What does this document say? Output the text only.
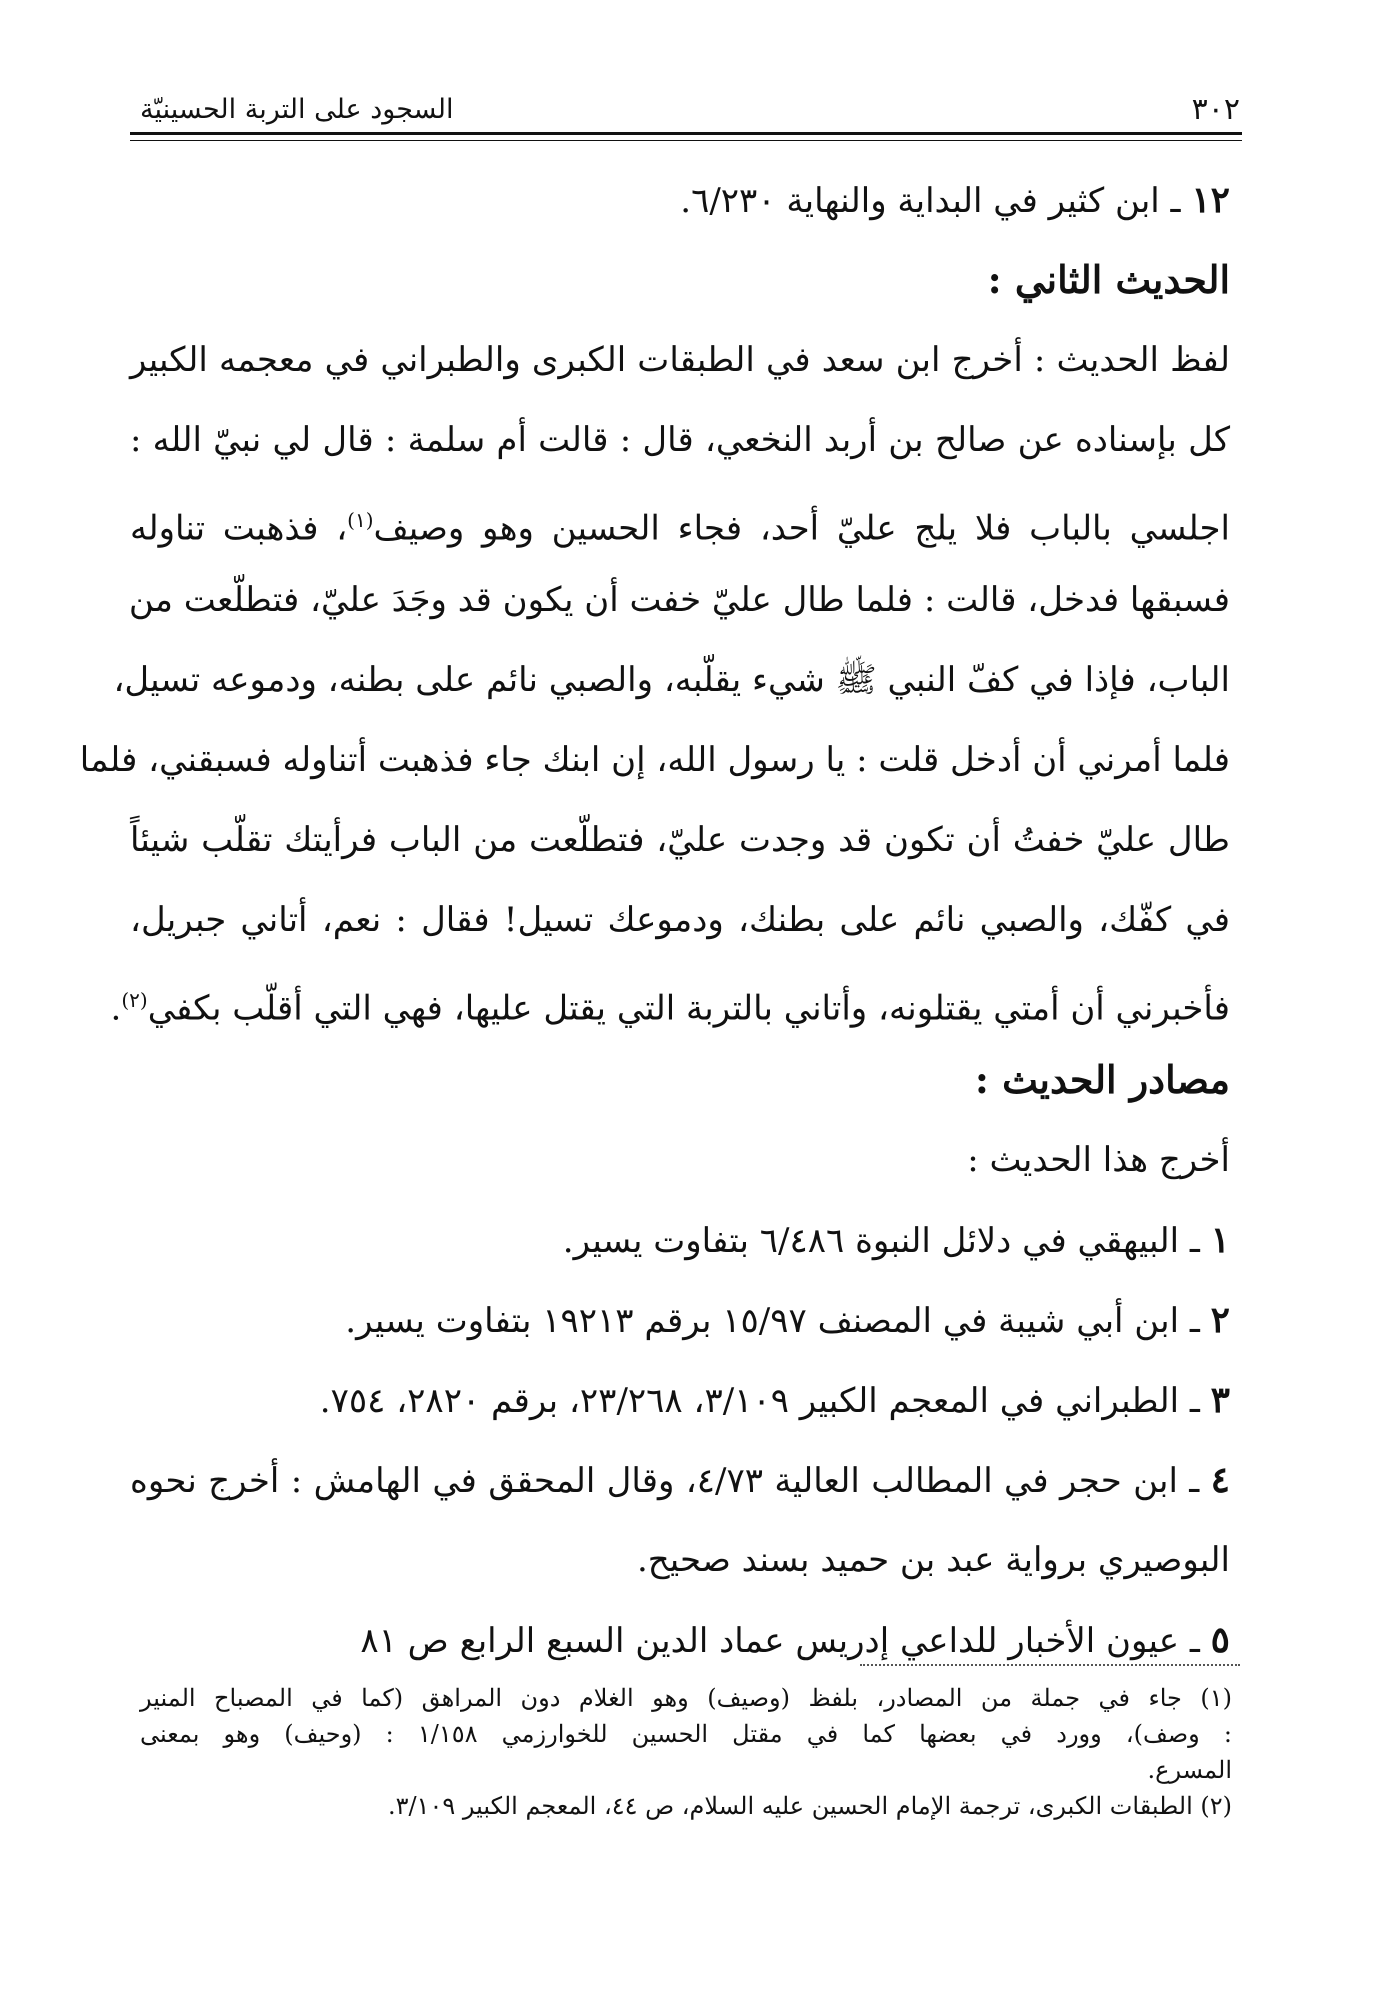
٣٠٢
السجود على التربة الحسينيّة
١٢ ـ ابن كثير في البداية والنهاية ٦/٢٣٠.
الحديث الثاني :
لفظ الحديث : أخرج ابن سعد في الطبقات الكبرى والطبراني في معجمه الكبير
كل بإسناده عن صالح بن أربد النخعي، قال : قالت أم سلمة : قال لي نبيّ الله :
اجلسي بالباب فلا يلج عليّ أحد، فجاء الحسين وهو وصيف$^{(١)}$، فذهبت تناوله
فسبقها فدخل، قالت : فلما طال عليّ خفت أن يكون قد وجَدَ عليّ، فتطلّعت من
الباب، فإذا في كفّ النبي ﷺ شيء يقلّبه، والصبي نائم على بطنه، ودموعه تسيل،
فلما أمرني أن أدخل قلت : يا رسول الله، إن ابنك جاء فذهبت أتناوله فسبقني، فلما
طال عليّ خفتُ أن تكون قد وجدت عليّ، فتطلّعت من الباب فرأيتك تقلّب شيئاً
في كفّك، والصبي نائم على بطنك، ودموعك تسيل! فقال : نعم، أتاني جبريل،
فأخبرني أن أمتي يقتلونه، وأتاني بالتربة التي يقتل عليها، فهي التي أقلّب بكفي$^{(٢)}$.
مصادر الحديث :
أخرج هذا الحديث :
١ ـ البيهقي في دلائل النبوة ٦/٤٨٦ بتفاوت يسير.
٢ ـ ابن أبي شيبة في المصنف ١٥/٩٧ برقم ١٩٢١٣ بتفاوت يسير.
٣ ـ الطبراني في المعجم الكبير ٣/١٠٩، ٢٣/٢٦٨، برقم ٢٨٢٠، ٧٥٤.
٤ ـ ابن حجر في المطالب العالية ٤/٧٣، وقال المحقق في الهامش : أخرج نحوه
البوصيري برواية عبد بن حميد بسند صحيح.
٥ ـ عيون الأخبار للداعي إدريس عماد الدين السبع الرابع ص ٨١
(١) جاء في جملة من المصادر، بلفظ (وصيف) وهو الغلام دون المراهق (كما في المصباح المنير
: وصف)، وورد في بعضها كما في مقتل الحسين للخوارزمي ١/١٥٨ : (وحيف) وهو بمعنى
المسرع.
(٢) الطبقات الكبرى، ترجمة الإمام الحسين عليه السلام، ص ٤٤، المعجم الكبير ٣/١٠٩.
